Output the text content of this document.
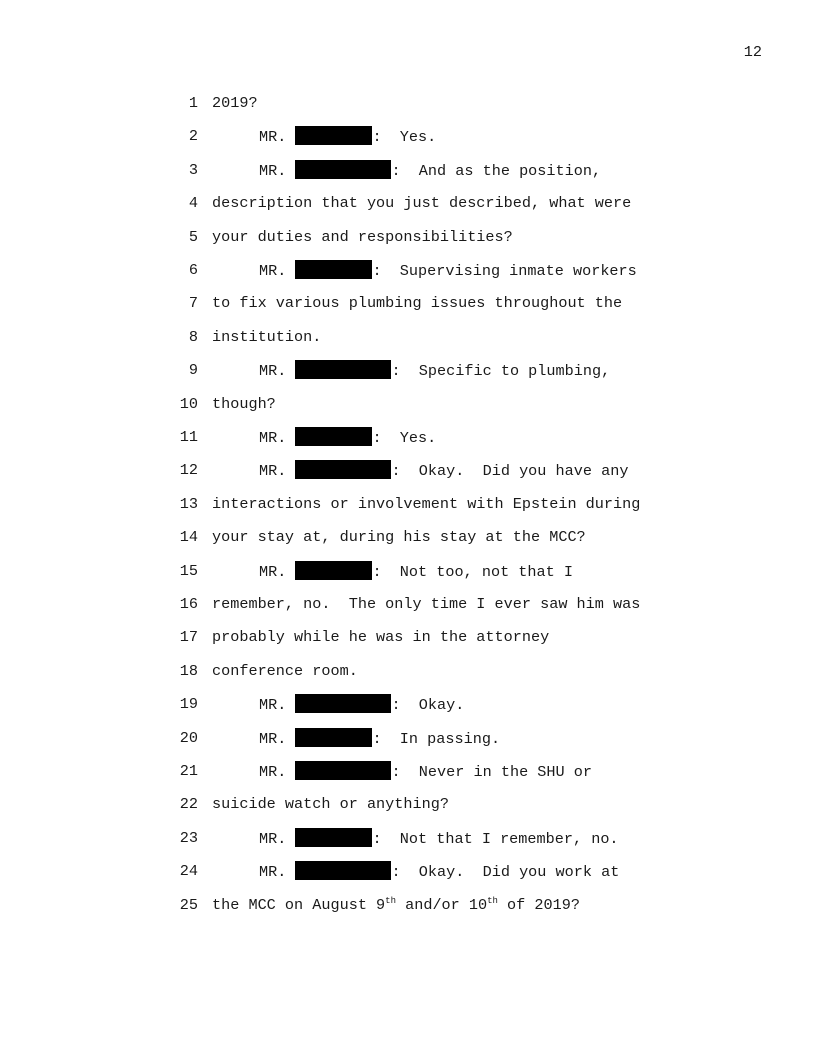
12
1 2019?
2	MR.	:  Yes.
3	MR.	:  And as the position,
4 description that you just described, what were
5 your duties and responsibilities?
6	MR.	:  Supervising inmate workers
7 to fix various plumbing issues throughout the
8 institution.
9	MR.	:  Specific to plumbing,
10 though?
11	MR.	:  Yes.
12	MR.	:  Okay.  Did you have any
13 interactions or involvement with Epstein during
14 your stay at, during his stay at the MCC?
15	MR.	:  Not too, not that I
16 remember, no.  The only time I ever saw him was
17 probably while he was in the attorney
18 conference room.
19	MR.	:  Okay.
20	MR.	:  In passing.
21	MR.	:  Never in the SHU or
22 suicide watch or anything?
23	MR.	:  Not that I remember, no.
24	MR.	:  Okay.  Did you work at
25 the MCC on August 9th and/or 10th of 2019?
